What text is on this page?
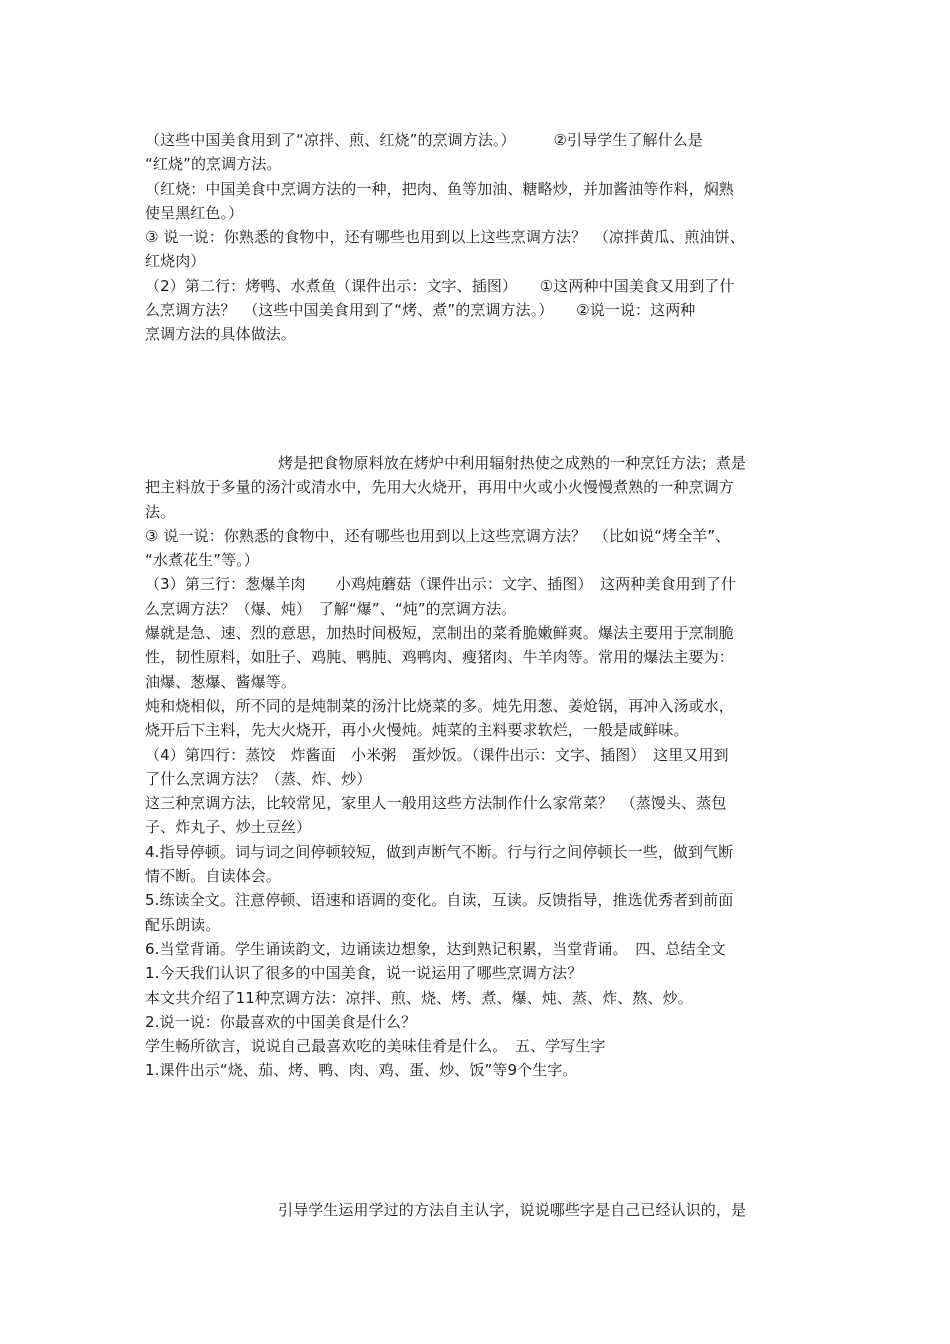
（这些中国美食用到了“凉拌、煎、红烧”的烹调方法。）　　　②引导学生了解什么是
“红烧”的烹调方法。
（红烧：中国美食中烹调方法的一种，把肉、鱼等加油、糖略炒，并加酱油等作料，焖熟
使呈黑红色。）
③ 说一说：你熟悉的食物中，还有哪些也用到以上这些烹调方法？　（凉拌黄瓜、煎油饼、
红烧肉）
（2）第二行：烤鸭、水煮鱼（课件出示：文字、插图）　　①这两种中国美食又用到了什
么烹调方法？　（这些中国美食用到了“烤、煮”的烹调方法。）　　②说一说：这两种
烹调方法的具体做法。
烤是把食物原料放在烤炉中利用辐射热使之成熟的一种烹饪方法；煮是
把主料放于多量的汤汁或清水中，先用大火烧开，再用中火或小火慢慢煮熟的一种烹调方
法。
③ 说一说：你熟悉的食物中，还有哪些也用到以上这些烹调方法？　（比如说“烤全羊”、
“水煮花生”等。）
（3）第三行：葱爆羊肉　　小鸡炖蘑菇（课件出示：文字、插图）　这两种美食用到了什
么烹调方法？（爆、炖）　了解“爆”、“炖”的烹调方法。
爆就是急、速、烈的意思，加热时间极短，烹制出的菜肴脆嫩鲜爽。爆法主要用于烹制脆
性，韧性原料，如肚子、鸡肫、鸭肫、鸡鸭肉、瘦猪肉、牛羊肉等。常用的爆法主要为：
油爆、葱爆、酱爆等。
炖和烧相似，所不同的是炖制菜的汤汁比烧菜的多。炖先用葱、姜炝锅，再冲入汤或水，
烧开后下主料，先大火烧开，再小火慢炖。炖菜的主料要求软烂，一般是咸鲜味。
（4）第四行：蒸饺　炸酱面　小米粥　蛋炒饭。（课件出示：文字、插图）　这里又用到
了什么烹调方法？（蒸、炸、炒）
这三种烹调方法，比较常见，家里人一般用这些方法制作什么家常菜？　（蒸馒头、蒸包
子、炸丸子、炒土豆丝）
4.指导停顿。词与词之间停顿较短，做到声断气不断。行与行之间停顿长一些，做到气断
情不断。自读体会。
5.练读全文。注意停顿、语速和语调的变化。自读，互读。反馈指导，推选优秀者到前面
配乐朗读。
6.当堂背诵。学生诵读韵文，边诵读边想象，达到熟记积累，当堂背诵。　四、总结全文
1.今天我们认识了很多的中国美食，说一说运用了哪些烹调方法？
本文共介绍了11种烹调方法：凉拌、煎、烧、烤、煮、爆、炖、蒸、炸、熬、炒。
2.说一说：你最喜欢的中国美食是什么？
学生畅所欲言，说说自己最喜欢吃的美味佳肴是什么。　五、学写生字
1.课件出示“烧、茄、烤、鸭、肉、鸡、蛋、炒、饭”等9个生字。
引导学生运用学过的方法自主认字，说说哪些字是自己已经认识的，是
